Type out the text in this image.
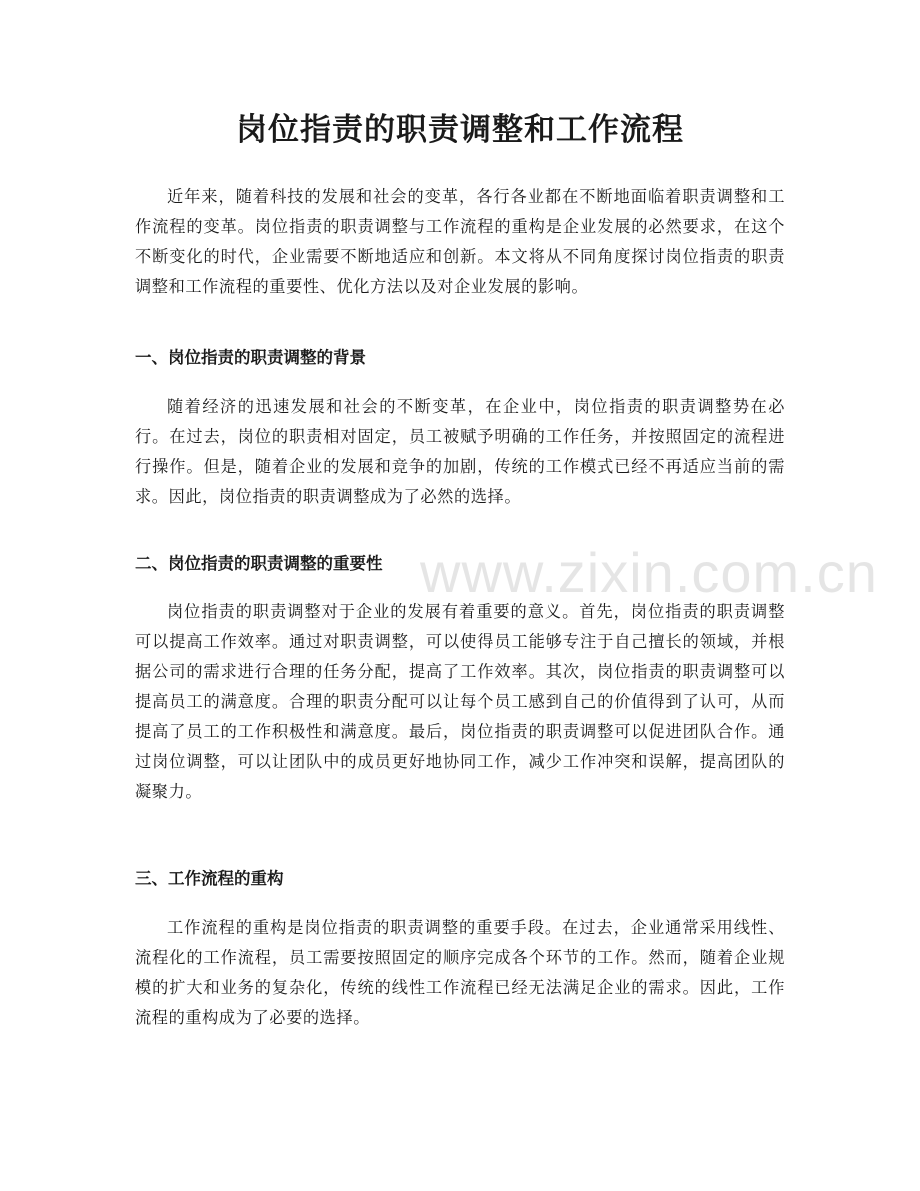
岗位指责的职责调整和工作流程

近年来，随着科技的发展和社会的变革，各行各业都在不断地面临着职责调整和工作流程的变革。岗位指责的职责调整与工作流程的重构是企业发展的必然要求，在这个不断变化的时代，企业需要不断地适应和创新。本文将从不同角度探讨岗位指责的职责调整和工作流程的重要性、优化方法以及对企业发展的影响。

一、岗位指责的职责调整的背景

随着经济的迅速发展和社会的不断变革，在企业中，岗位指责的职责调整势在必行。在过去，岗位的职责相对固定，员工被赋予明确的工作任务，并按照固定的流程进行操作。但是，随着企业的发展和竞争的加剧，传统的工作模式已经不再适应当前的需求。因此，岗位指责的职责调整成为了必然的选择。

二、岗位指责的职责调整的重要性

岗位指责的职责调整对于企业的发展有着重要的意义。首先，岗位指责的职责调整可以提高工作效率。通过对职责调整，可以使得员工能够专注于自己擅长的领域，并根据公司的需求进行合理的任务分配，提高了工作效率。其次，岗位指责的职责调整可以提高员工的满意度。合理的职责分配可以让每个员工感到自己的价值得到了认可，从而提高了员工的工作积极性和满意度。最后，岗位指责的职责调整可以促进团队合作。通过岗位调整，可以让团队中的成员更好地协同工作，减少工作冲突和误解，提高团队的凝聚力。

三、工作流程的重构

工作流程的重构是岗位指责的职责调整的重要手段。在过去，企业通常采用线性、流程化的工作流程，员工需要按照固定的顺序完成各个环节的工作。然而，随着企业规模的扩大和业务的复杂化，传统的线性工作流程已经无法满足企业的需求。因此，工作流程的重构成为了必要的选择。

www.zixin.com.cn
